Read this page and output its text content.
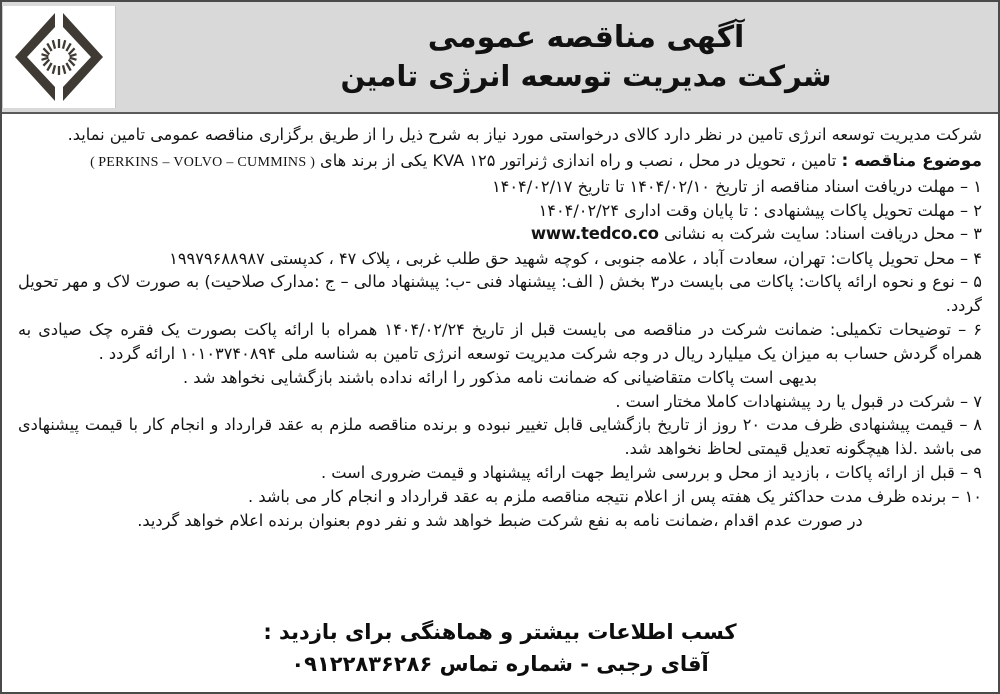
آگهی مناقصه عمومی
شرکت مدیریت توسعه انرژی تامین

شرکت مدیریت توسعه انرژی تامین در نظر دارد کالای درخواستی مورد نیاز به شرح ذیل را از طریق برگزاری مناقصه عمومی تامین نماید.

موضوع مناقصه : تامین ، تحویل در محل ، نصب و راه اندازی ژنراتور ۱۲۵ KVA یکی از برند های ( PERKINS – VOLVO – CUMMINS )

۱ – مهلت دریافت اسناد مناقصه از تاریخ ۱۴۰۴/۰۲/۱۰ تا تاریخ ۱۴۰۴/۰۲/۱۷

۲ – مهلت تحویل پاکات پیشنهادی : تا پایان وقت اداری ۱۴۰۴/۰۲/۲۴

۳ – محل دریافت اسناد: سایت شرکت به نشانی www.tedco.co

۴ – محل تحویل پاکات: تهران، سعادت آباد ، علامه جنوبی ، کوچه شهید حق طلب غربی ، پلاک ۴۷ ، کدپستی ۱۹۹۷۹۶۸۸۹۸۷

۵ – نوع و نحوه ارائه پاکات: پاکات می بایست در۳ بخش ( الف: پیشنهاد فنی -ب: پیشنهاد مالی – ج :مدارک صلاحیت) به صورت لاک و مهر تحویل گردد.

۶ – توضیحات تکمیلی: ضمانت شرکت در مناقصه می بایست قبل از تاریخ ۱۴۰۴/۰۲/۲۴ همراه با ارائه پاکت بصورت یک فقره چک صیادی به همراه گردش حساب به میزان یک میلیارد ریال در وجه شرکت مدیریت توسعه انرژی تامین به شناسه ملی ۱۰۱۰۳۷۴۰۸۹۴ ارائه گردد .

بدیهی است پاکات متقاضیانی که ضمانت نامه مذکور را ارائه نداده باشند بازگشایی نخواهد شد .

۷ – شرکت در قبول یا رد پیشنهادات کاملا مختار است .

۸ – قیمت پیشنهادی ظرف مدت ۲۰ روز از تاریخ بازگشایی قابل تغییر نبوده و برنده مناقصه ملزم به عقد قرارداد و انجام کار با قیمت پیشنهادی می باشد .لذا هیچگونه تعدیل قیمتی لحاظ نخواهد شد.

۹ – قبل از ارائه پاکات ، بازدید از محل و بررسی شرایط جهت ارائه پیشنهاد و قیمت ضروری است .

۱۰ – برنده ظرف مدت حداکثر یک هفته پس از اعلام نتیجه مناقصه ملزم به عقد قرارداد و انجام کار می باشد .

در صورت عدم اقدام ،ضمانت نامه به نفع شرکت ضبط خواهد شد و نفر دوم بعنوان برنده اعلام خواهد گردید.

کسب اطلاعات بیشتر و هماهنگی برای بازدید :
آقای رجبی - شماره تماس ۰۹۱۲۲۸۳۶۲۸۶
